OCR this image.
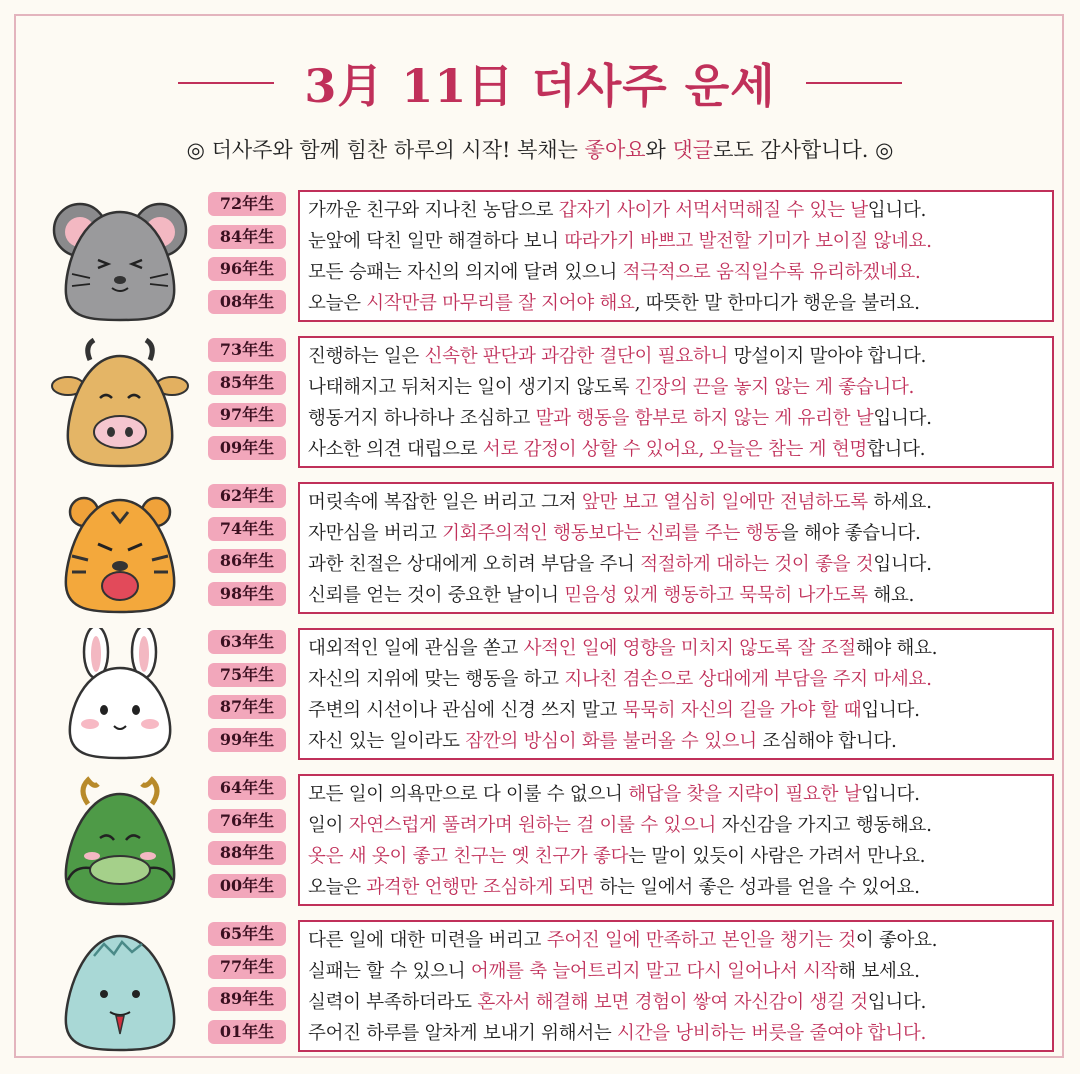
3月 11日 더사주 운세
◎ 더사주와 함께 힘찬 하루의 시작! 복채는 좋아요와 댓글로도 감사합니다. ◎
72年生
84年生
96年生
08年生
가까운 친구와 지나친 농담으로 갑자기 사이가 서먹서먹해질 수 있는 날입니다.
눈앞에 닥친 일만 해결하다 보니 따라가기 바쁘고 발전할 기미가 보이질 않네요.
모든 승패는 자신의 의지에 달려 있으니 적극적으로 움직일수록 유리하겠네요.
오늘은 시작만큼 마무리를 잘 지어야 해요, 따뜻한 말 한마디가 행운을 불러요.
73年生
85年生
97年生
09年生
진행하는 일은 신속한 판단과 과감한 결단이 필요하니 망설이지 말아야 합니다.
나태해지고 뒤처지는 일이 생기지 않도록 긴장의 끈을 놓지 않는 게 좋습니다.
행동거지 하나하나 조심하고 말과 행동을 함부로 하지 않는 게 유리한 날입니다.
사소한 의견 대립으로 서로 감정이 상할 수 있어요, 오늘은 참는 게 현명합니다.
62年生
74年生
86年生
98年生
머릿속에 복잡한 일은 버리고 그저 앞만 보고 열심히 일에만 전념하도록 하세요.
자만심을 버리고 기회주의적인 행동보다는 신뢰를 주는 행동을 해야 좋습니다.
과한 친절은 상대에게 오히려 부담을 주니 적절하게 대하는 것이 좋을 것입니다.
신뢰를 얻는 것이 중요한 날이니 믿음성 있게 행동하고 묵묵히 나가도록 해요.
63年生
75年生
87年生
99年生
대외적인 일에 관심을 쏟고 사적인 일에 영향을 미치지 않도록 잘 조절해야 해요.
자신의 지위에 맞는 행동을 하고 지나친 겸손으로 상대에게 부담을 주지 마세요.
주변의 시선이나 관심에 신경 쓰지 말고 묵묵히 자신의 길을 가야 할 때입니다.
자신 있는 일이라도 잠깐의 방심이 화를 불러올 수 있으니 조심해야 합니다.
64年生
76年生
88年生
00年生
모든 일이 의욕만으로 다 이룰 수 없으니 해답을 찾을 지략이 필요한 날입니다.
일이 자연스럽게 풀려가며 원하는 걸 이룰 수 있으니 자신감을 가지고 행동해요.
옷은 새 옷이 좋고 친구는 옛 친구가 좋다는 말이 있듯이 사람은 가려서 만나요.
오늘은 과격한 언행만 조심하게 되면 하는 일에서 좋은 성과를 얻을 수 있어요.
65年生
77年生
89年生
01年生
다른 일에 대한 미련을 버리고 주어진 일에 만족하고 본인을 챙기는 것이 좋아요.
실패는 할 수 있으니 어깨를 축 늘어트리지 말고 다시 일어나서 시작해 보세요.
실력이 부족하더라도 혼자서 해결해 보면 경험이 쌓여 자신감이 생길 것입니다.
주어진 하루를 알차게 보내기 위해서는 시간을 낭비하는 버릇을 줄여야 합니다.
